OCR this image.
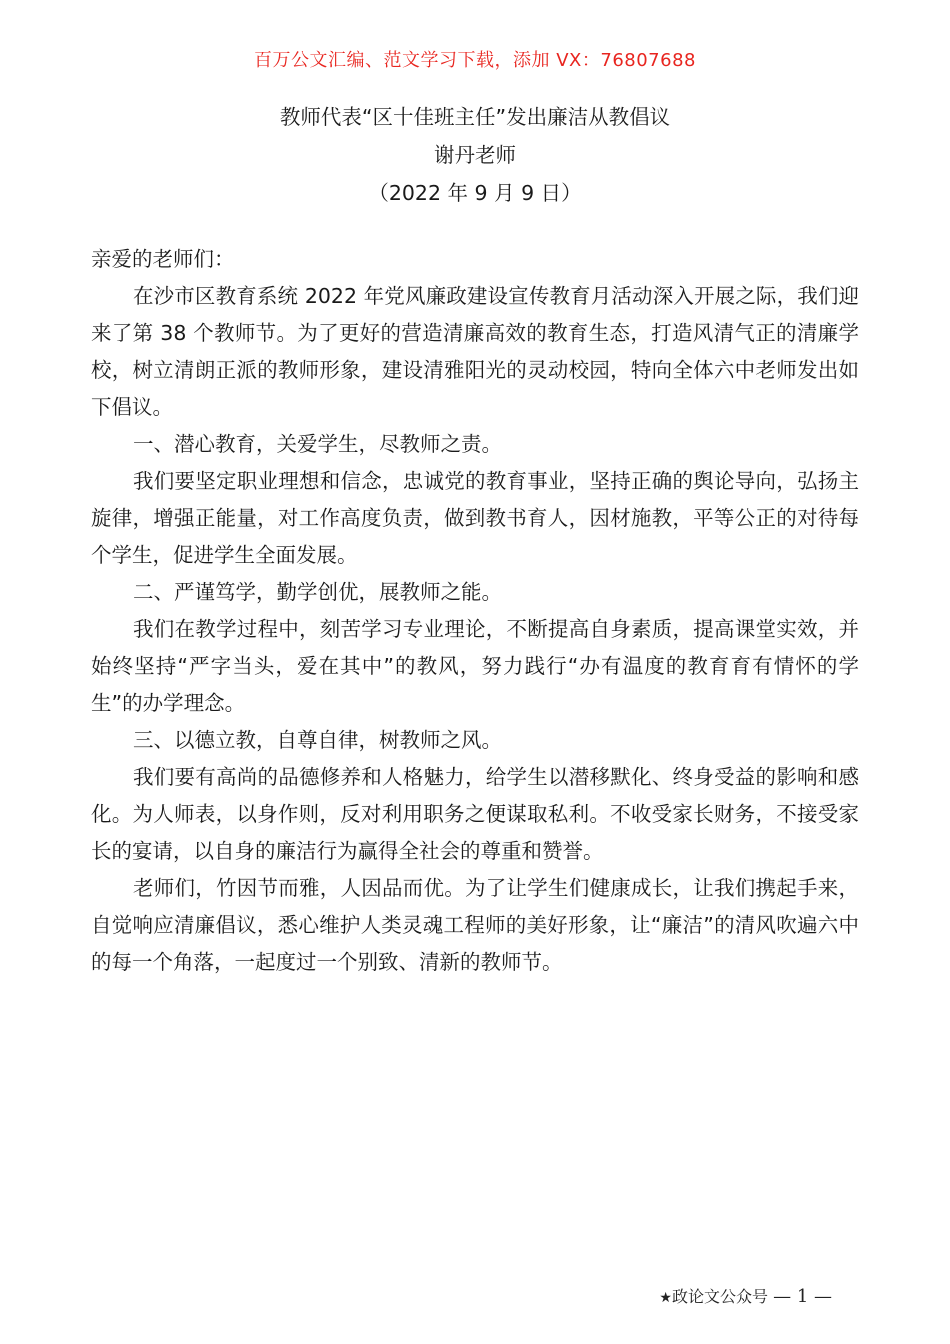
百万公文汇编、范文学习下载，添加 VX：76807688
教师代表“区十佳班主任”发出廉洁从教倡议
谢丹老师
（2022 年 9 月 9 日）

亲爱的老师们：

在沙市区教育系统 2022 年党风廉政建设宣传教育月活动深入开展之际，我们迎来了第 38 个教师节。为了更好的营造清廉高效的教育生态，打造风清气正的清廉学校，树立清朗正派的教师形象，建设清雅阳光的灵动校园，特向全体六中老师发出如下倡议。

一、潜心教育，关爱学生，尽教师之责。

我们要坚定职业理想和信念，忠诚党的教育事业，坚持正确的舆论导向，弘扬主旋律，增强正能量，对工作高度负责，做到教书育人，因材施教，平等公正的对待每个学生，促进学生全面发展。

二、严谨笃学，勤学创优，展教师之能。

我们在教学过程中，刻苦学习专业理论，不断提高自身素质，提高课堂实效，并始终坚持“严字当头，爱在其中”的教风，努力践行“办有温度的教育育有情怀的学生”的办学理念。

三、以德立教，自尊自律，树教师之风。

我们要有高尚的品德修养和人格魅力，给学生以潜移默化、终身受益的影响和感化。为人师表，以身作则，反对利用职务之便谋取私利。不收受家长财务，不接受家长的宴请，以自身的廉洁行为赢得全社会的尊重和赞誉。

老师们，竹因节而雅，人因品而优。为了让学生们健康成长，让我们携起手来，自觉响应清廉倡议，悉心维护人类灵魂工程师的美好形象，让“廉洁”的清风吹遍六中的每一个角落，一起度过一个别致、清新的教师节。

★政论文公众号 — 1 —
